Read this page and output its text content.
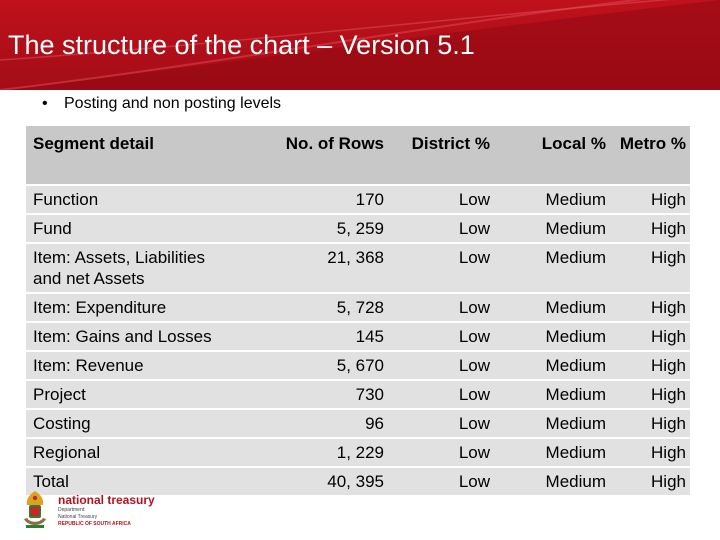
The structure of the chart – Version 5.1
• Posting and non posting levels
Segment detail	No. of Rows	District %	Local %	Metro %
Function	170	Low	Medium	High
Fund	5, 259	Low	Medium	High
Item: Assets, Liabilities and net Assets	21, 368	Low	Medium	High
Item: Expenditure	5, 728	Low	Medium	High
Item: Gains and Losses	145	Low	Medium	High
Item: Revenue	5, 670	Low	Medium	High
Project	730	Low	Medium	High
Costing	96	Low	Medium	High
Regional	1, 229	Low	Medium	High
Total	40, 395	Low	Medium	High
national treasury
Department:
National Treasury
REPUBLIC OF SOUTH AFRICA
